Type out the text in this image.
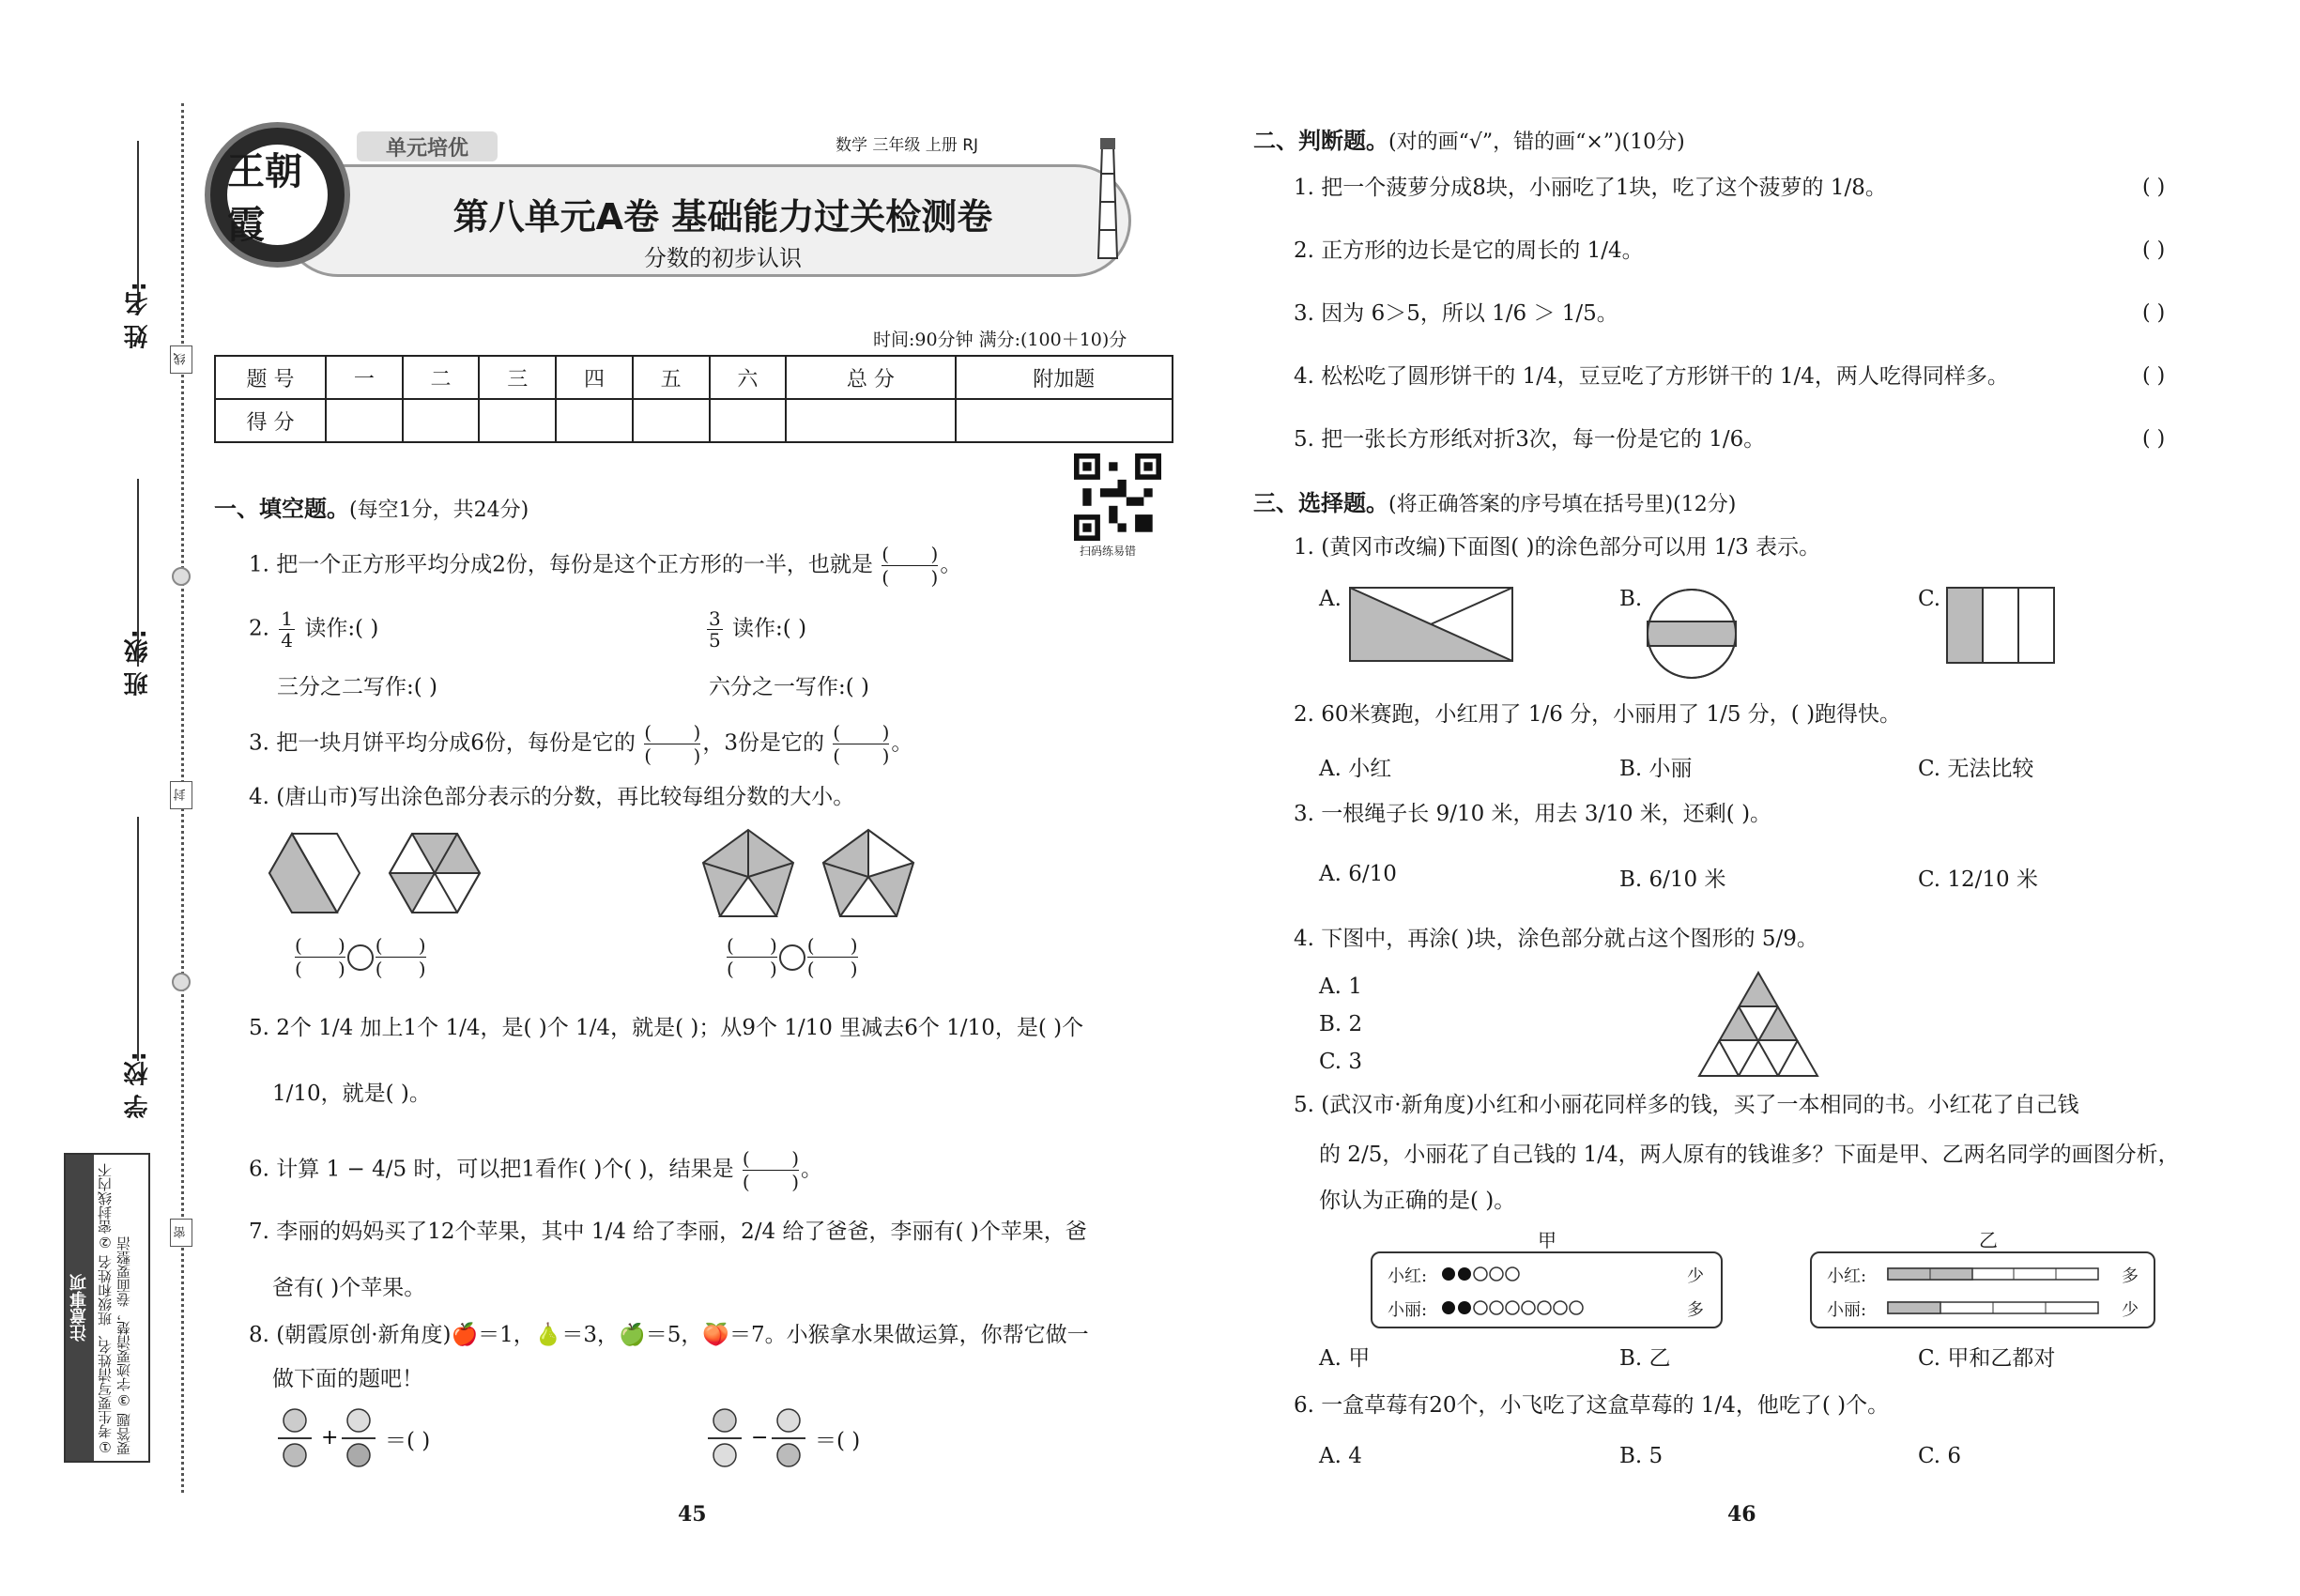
姓 名:
班 级:
学 校:
线
封
密
注意事项 ①考生要写清姓名、班级和姓名 ②密封线内不要答题 ③字迹要清楚，卷面要整洁
王朝霞
单元培优	数学 三年级 上册 RJ
第八单元A卷 基础能力过关检测卷
分数的初步认识
时间:90分钟 满分:(100＋10)分
题 号	一	二	三	四	五	六	总 分	附加题
得 分								
扫码练易错
一、填空题。(每空1分，共24分)
1. 把一个正方形平均分成2份，每份是这个正方形的一半，也就是 (       )
(       )
。
2. $\frac{1}{4}$ 读作:( )	$\frac{3}{5}$ 读作:( )
三分之二写作:( )	六分之一写作:( )
3. 把一块月饼平均分成6份，每份是它的 (       )
(       )
，3份是它的 (       )
(       )
。
4. (唐山市)写出涂色部分表示的分数，再比较每组分数的大小。
(      )
(      )
(      )
(      )
(      )
(      )
(      )
(      )
5. 2个 1/4 加上1个 1/4，是( )个 1/4，就是( )；从9个 1/10 里减去6个 1/10，是( )个
1/10，就是( )。
6. 计算 1 − 4/5 时，可以把1看作( )个( )，结果是 (       )
(       )
。
7. 李丽的妈妈买了12个苹果，其中 1/4 给了李丽，2/4 给了爸爸，李丽有( )个苹果，爸
爸有( )个苹果。
8. (朝霞原创·新角度)🍎＝1，🍐＝3，🍏＝5，🍑＝7。小猴拿水果做运算，你帮它做一
做下面的题吧！
+ ＝( )	− ＝( )
45
二、判断题。(对的画“√”，错的画“×”)(10分)
1. 把一个菠萝分成8块，小丽吃了1块，吃了这个菠萝的 1/8。	( )
2. 正方形的边长是它的周长的 1/4。	( )
3. 因为 6＞5，所以 1/6 ＞ 1/5。	( )
4. 松松吃了圆形饼干的 1/4，豆豆吃了方形饼干的 1/4，两人吃得同样多。	( )
5. 把一张长方形纸对折3次，每一份是它的 1/6。	( )
三、选择题。(将正确答案的序号填在括号里)(12分)
1. (黄冈市改编)下面图( )的涂色部分可以用 1/3 表示。
A.	B.	C.
2. 60米赛跑，小红用了 1/6 分，小丽用了 1/5 分，( )跑得快。
A. 小红	B. 小丽	C. 无法比较
3. 一根绳子长 9/10 米，用去 3/10 米，还剩( )。
A. 6/10	B. 6/10 米	C. 12/10 米
4. 下图中，再涂( )块，涂色部分就占这个图形的 5/9。
A. 1
B. 2
C. 3
5. (武汉市·新角度)小红和小丽花同样多的钱，买了一本相同的书。小红花了自己钱
的 2/5，小丽花了自己钱的 1/4，两人原有的钱谁多？下面是甲、乙两名同学的画图分析，
你认为正确的是( )。
甲
小红:
小丽:
少
多
乙
小红:
小丽:
多
少
A. 甲	B. 乙	C. 甲和乙都对
6. 一盒草莓有20个，小飞吃了这盒草莓的 1/4，他吃了( )个。
A. 4	B. 5	C. 6
46
